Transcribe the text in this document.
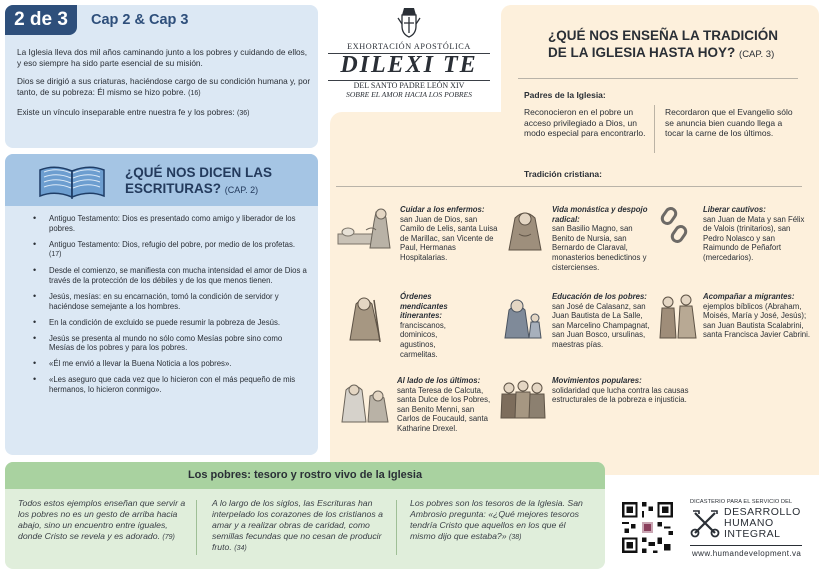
2 de 3	Cap 2 & Cap 3

La Iglesia lleva dos mil años caminando junto a los pobres y cuidando de ellos, y eso siempre ha sido parte esencial de su misión.

Dios se dirigió a sus criaturas, haciéndose cargo de su condición humana y, por tanto, de su pobreza: Él mismo se hizo pobre. (16)

Existe un vínculo inseparable entre nuestra fe y los pobres: (36)

¿QUÉ NOS DICEN LAS
ESCRITURAS? (CAP. 2)
• Antiguo Testamento: Dios es presentado como amigo y liberador de los pobres.
• Antiguo Testamento: Dios, refugio del pobre, por medio de los profetas. (17)
• Desde el comienzo, se manifiesta con mucha intensidad el amor de Dios a través de la protección de los débiles y de los que menos tienen.
• Jesús, mesías: en su encarnación, tomó la condición de servidor y haciéndose semejante a los hombres.
• En la condición de excluido se puede resumir la pobreza de Jesús.
• Jesús se presenta al mundo no sólo como Mesías pobre sino como Mesías de los pobres y para los pobres.
• «Él me envió a llevar la Buena Noticia a los pobres».
• «Les aseguro que cada vez que lo hicieron con el más pequeño de mis hermanos, lo hicieron conmigo».
EXHORTACIÓN APOSTÓLICA
DILEXI TE
DEL SANTO PADRE LEÓN XIV
SOBRE EL AMOR HACIA LOS POBRES
¿QUÉ NOS ENSEÑA LA TRADICIÓN
DE LA IGLESIA HASTA HOY? (CAP. 3)
Padres de la Iglesia:
Reconocieron en el pobre un acceso privilegiado a Dios, un modo especial para encontrarlo.
Recordaron que el Evangelio sólo se anuncia bien cuando llega a tocar la carne de los últimos.
Tradición cristiana:
Cuidar a los enfermos:
san Juan de Dios, san Camilo de Lelis, santa Luisa de Marillac, san Vicente de Paul, Hermanas Hospitalarias.
Vida monástica y despojo radical:
san Basilio Magno, san Benito de Nursia, san Bernardo de Claraval, monasterios benedictinos y cistercienses.
Liberar cautivos:
san Juan de Mata y san Félix de Valois (trinitarios), san Pedro Nolasco y san Raimundo de Peñafort (mercedarios).
Órdenes mendicantes itinerantes:
franciscanos, dominicos, agustinos, carmelitas.
Educación de los pobres:
san José de Calasanz, san Juan Bautista de La Salle, san Marcelino Champagnat, san Juan Bosco, ursulinas, maestras pías.
Acompañar a migrantes:
ejemplos bíblicos (Abraham, Moisés, María y José, Jesús); san Juan Bautista Scalabrini, santa Francisca Javier Cabrini.
Al lado de los últimos:
santa Teresa de Calcuta, santa Dulce de los Pobres, san Benito Menni, san Carlos de Foucauld, santa Katharine Drexel.
Movimientos populares:
solidaridad que lucha contra las causas estructurales de la pobreza e injusticia.
Los pobres: tesoro y rostro vivo de la Iglesia
Todos estos ejemplos enseñan que servir a los pobres no es un gesto de arriba hacia abajo, sino un encuentro entre iguales, donde Cristo se revela y es adorado. (79)
A lo largo de los siglos, las Escrituras han interpelado los corazones de los cristianos a amar y a realizar obras de caridad, como semillas fecundas que no cesan de producir fruto. (34)
Los pobres son los tesoros de la Iglesia. San Ambrosio pregunta: «¿Qué mejores tesoros tendría Cristo que aquellos en los que él mismo dijo que estaba?» (38)
DICASTERIO PARA EL SERVICIO DEL
DESARROLLO
HUMANO
INTEGRAL
www.humandevelopment.va
